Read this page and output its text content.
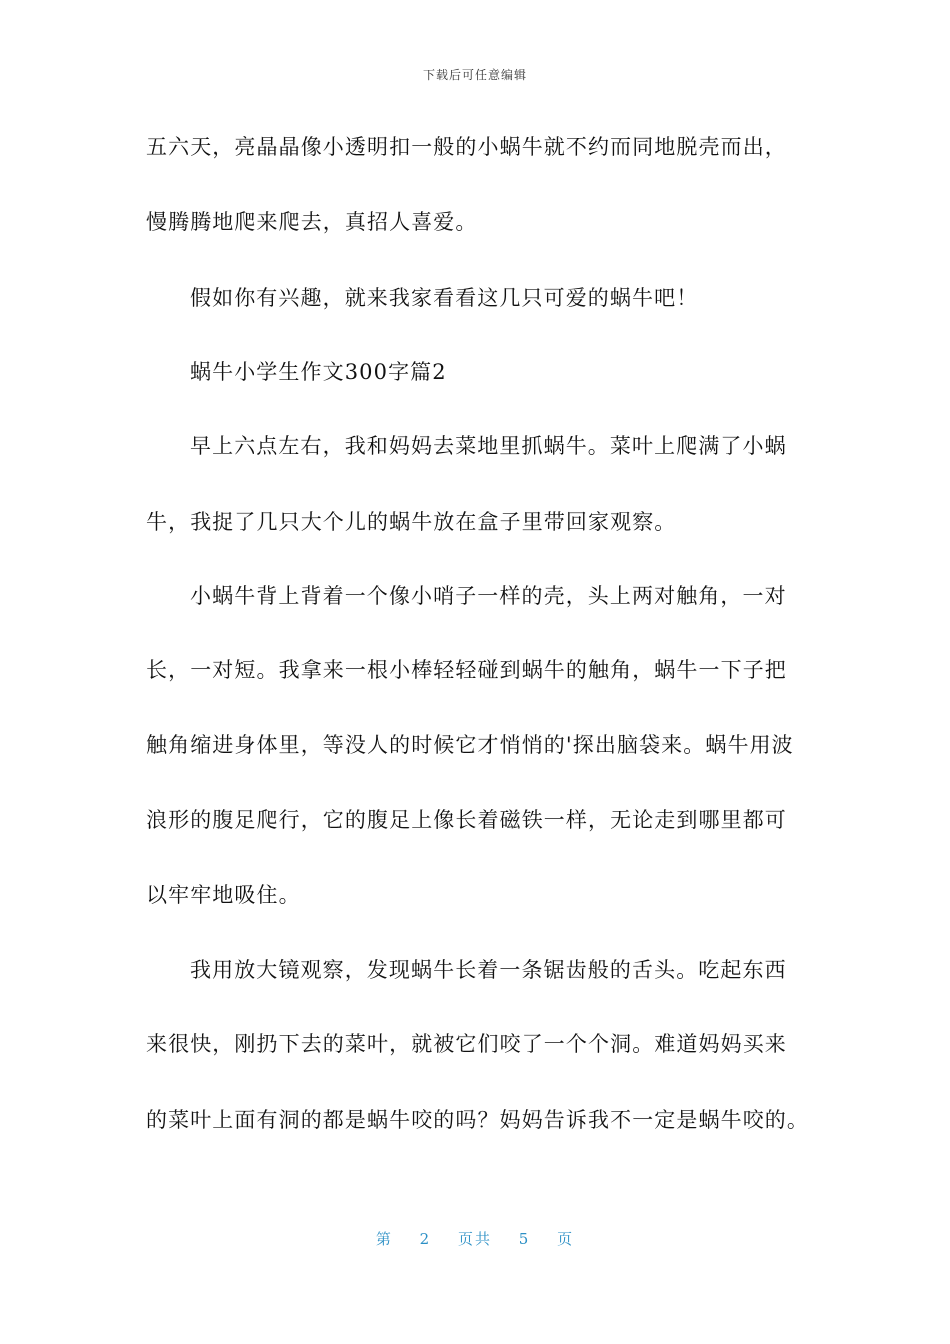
下载后可任意编辑
五六天，亮晶晶像小透明扣一般的小蜗牛就不约而同地脱壳而出，
慢腾腾地爬来爬去，真招人喜爱。
假如你有兴趣，就来我家看看这几只可爱的蜗牛吧！
蜗牛小学生作文300字篇2
早上六点左右，我和妈妈去菜地里抓蜗牛。菜叶上爬满了小蜗
牛，我捉了几只大个儿的蜗牛放在盒子里带回家观察。
小蜗牛背上背着一个像小哨子一样的壳，头上两对触角，一对
长，一对短。我拿来一根小棒轻轻碰到蜗牛的触角，蜗牛一下子把
触角缩进身体里，等没人的时候它才悄悄的'探出脑袋来。蜗牛用波
浪形的腹足爬行，它的腹足上像长着磁铁一样，无论走到哪里都可
以牢牢地吸住。
我用放大镜观察，发现蜗牛长着一条锯齿般的舌头。吃起东西
来很快，刚扔下去的菜叶，就被它们咬了一个个洞。难道妈妈买来
的菜叶上面有洞的都是蜗牛咬的吗？妈妈告诉我不一定是蜗牛咬的。
第 2 页共 5 页
